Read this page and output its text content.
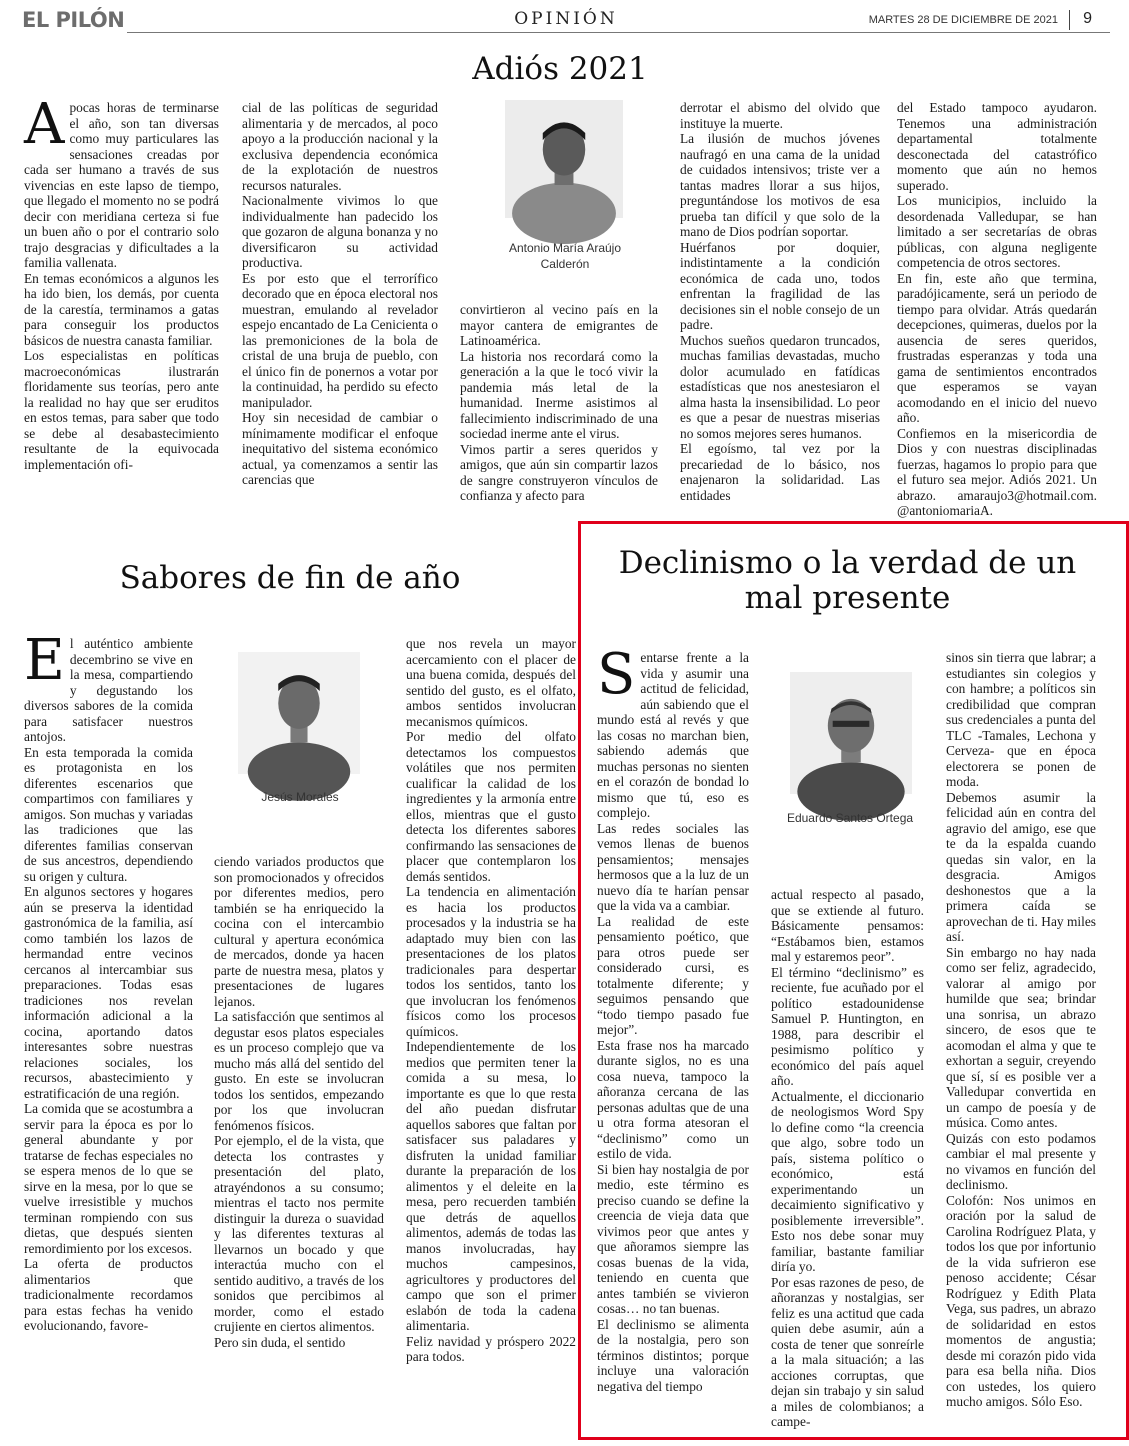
EL PILÓN	OPINIÓN	MARTES 28 DE DICIEMBRE DE 2021 9
Adiós 2021
A pocas horas de terminarse el año, son tan diversas como muy particulares las sensaciones creadas por cada ser humano a través de sus vivencias en este lapso de tiempo, que llegado el momento no se podrá decir con meridiana certeza si fue un buen año o por el contrario solo trajo desgracias y dificultades a la familia vallenata.
En temas económicos a algunos les ha ido bien, los demás, por cuenta de la carestía, terminamos a gatas para conseguir los productos básicos de nuestra canasta familiar.
Los especialistas en políticas macroeconómicas ilustrarán floridamente sus teorías, pero ante la realidad no hay que ser eruditos en estos temas, para saber que todo se debe al desabastecimiento resultante de la equivocada implementación ofi-
cial de las políticas de seguridad alimentaria y de mercados, al poco apoyo a la producción nacional y la exclusiva dependencia económica de la explotación de nuestros recursos naturales.
Nacionalmente vivimos lo que individualmente han padecido los que gozaron de alguna bonanza y no diversificaron su actividad productiva.
Es por esto que el terrorífico decorado que en época electoral nos muestran, emulando al revelador espejo encantado de La Cenicienta o las premoniciones de la bola de cristal de una bruja de pueblo, con el único fin de ponernos a votar por la continuidad, ha perdido su efecto manipulador.
Hoy sin necesidad de cambiar o mínimamente modificar el enfoque inequitativo del sistema económico actual, ya comenzamos a sentir las carencias que
Antonio María Araújo
Calderón
convirtieron al vecino país en la mayor cantera de emigrantes de Latinoamérica.
La historia nos recordará como la generación a la que le tocó vivir la pandemia más letal de la humanidad. Inerme asistimos al fallecimiento indiscriminado de una sociedad inerme ante el virus.
Vimos partir a seres queridos y amigos, que aún sin compartir lazos de sangre construyeron vínculos de confianza y afecto para
derrotar el abismo del olvido que instituye la muerte.
La ilusión de muchos jóvenes naufragó en una cama de la unidad de cuidados intensivos; triste ver a tantas madres llorar a sus hijos, preguntándose los motivos de esa prueba tan difícil y que solo de la mano de Dios podrían soportar.
Huérfanos por doquier, indistintamente a la condición económica de cada uno, todos enfrentan la fragilidad de las decisiones sin el noble consejo de un padre.
Muchos sueños quedaron truncados, muchas familias devastadas, mucho dolor acumulado en fatídicas estadísticas que nos anestesiaron el alma hasta la insensibilidad. Lo peor es que a pesar de nuestras miserias no somos mejores seres humanos.
El egoísmo, tal vez por la precariedad de lo básico, nos enajenaron la solidaridad. Las entidades
del Estado tampoco ayudaron. Tenemos una administración departamental totalmente desconectada del catastrófico momento que aún no hemos superado.
Los municipios, incluido la desordenada Valledupar, se han limitado a ser secretarías de obras públicas, con alguna negligente competencia de otros sectores.
En fin, este año que termina, paradójicamente, será un periodo de tiempo para olvidar. Atrás quedarán decepciones, quimeras, duelos por la ausencia de seres queridos, frustradas esperanzas y toda una gama de sentimientos encontrados que esperamos se vayan acomodando en el inicio del nuevo año.
Confiemos en la misericordia de Dios y con nuestras disciplinadas fuerzas, hagamos lo propio para que el futuro sea mejor. Adiós 2021. Un abrazo. amaraujo3@hotmail.com. @antoniomariaA.
Sabores de fin de año
E l auténtico ambiente decembrino se vive en la mesa, compartiendo y degustando los diversos sabores de la comida para satisfacer nuestros antojos.
En esta temporada la comida es protagonista en los diferentes escenarios que compartimos con familiares y amigos. Son muchas y variadas las tradiciones que las diferentes familias conservan de sus ancestros, dependiendo su origen y cultura.
En algunos sectores y hogares aún se preserva la identidad gastronómica de la familia, así como también los lazos de hermandad entre vecinos cercanos al intercambiar sus preparaciones. Todas esas tradiciones nos revelan información adicional a la cocina, aportando datos interesantes sobre nuestras relaciones sociales, los recursos, abastecimiento y estratificación de una región.
La comida que se acostumbra a servir para la época es por lo general abundante y por tratarse de fechas especiales no se espera menos de lo que se sirve en la mesa, por lo que se vuelve irresistible y muchos terminan rompiendo con sus dietas, que después sienten remordimiento por los excesos.
La oferta de productos alimentarios que tradicionalmente recordamos para estas fechas ha venido evolucionando, favore-
Jesús Morales
ciendo variados productos que son promocionados y ofrecidos por diferentes medios, pero también se ha enriquecido la cocina con el intercambio cultural y apertura económica de mercados, donde ya hacen parte de nuestra mesa, platos y presentaciones de lugares lejanos.
La satisfacción que sentimos al degustar esos platos especiales es un proceso complejo que va mucho más allá del sentido del gusto. En este se involucran todos los sentidos, empezando por los que involucran fenómenos físicos.
Por ejemplo, el de la vista, que detecta los contrastes y presentación del plato, atrayéndonos a su consumo; mientras el tacto nos permite distinguir la dureza o suavidad y las diferentes texturas al llevarnos un bocado y que interactúa mucho con el sentido auditivo, a través de los sonidos que percibimos al morder, como el estado crujiente en ciertos alimentos.
Pero sin duda, el sentido
que nos revela un mayor acercamiento con el placer de una buena comida, después del sentido del gusto, es el olfato, ambos sentidos involucran mecanismos químicos.
Por medio del olfato detectamos los compuestos volátiles que nos permiten cualificar la calidad de los ingredientes y la armonía entre ellos, mientras que el gusto detecta los diferentes sabores confirmando las sensaciones de placer que contemplaron los demás sentidos.
La tendencia en alimentación es hacia los productos procesados y la industria se ha adaptado muy bien con las presentaciones de los platos tradicionales para despertar todos los sentidos, tanto los que involucran los fenómenos físicos como los procesos químicos.
Independientemente de los medios que permiten tener la comida a su mesa, lo importante es que lo que resta del año puedan disfrutar aquellos sabores que faltan por satisfacer sus paladares y disfruten la unidad familiar durante la preparación de los alimentos y el deleite en la mesa, pero recuerden también que detrás de aquellos alimentos, además de todas las manos involucradas, hay muchos campesinos, agricultores y productores del campo que son el primer eslabón de toda la cadena alimentaria.
Feliz navidad y próspero 2022 para todos.
Declinismo o la verdad de un mal presente
S entarse frente a la vida y asumir una actitud de felicidad, aún sabiendo que el mundo está al revés y que las cosas no marchan bien, sabiendo además que muchas personas no sienten en el corazón de bondad lo mismo que tú, eso es complejo.
Las redes sociales las vemos llenas de buenos pensamientos; mensajes hermosos que a la luz de un nuevo día te harían pensar que la vida va a cambiar.
La realidad de este pensamiento poético, que para otros puede ser considerado cursi, es totalmente diferente; y seguimos pensando que “todo tiempo pasado fue mejor”.
Esta frase nos ha marcado durante siglos, no es una cosa nueva, tampoco la añoranza cercana de las personas adultas que de una u otra forma atesoran el “declinismo” como un estilo de vida.
Si bien hay nostalgia de por medio, este término es preciso cuando se define la creencia de vieja data que vivimos peor que antes y que añoramos siempre las cosas buenas de la vida, teniendo en cuenta que antes también se vivieron cosas… no tan buenas.
El declinismo se alimenta de la nostalgia, pero son términos distintos; porque incluye una valoración negativa del tiempo
Eduardo Santos Ortega
actual respecto al pasado, que se extiende al futuro. Básicamente pensamos: “Estábamos bien, estamos mal y estaremos peor”.
El término “declinismo” es reciente, fue acuñado por el político estadounidense Samuel P. Huntington, en 1988, para describir el pesimismo político y económico del país aquel año.
Actualmente, el diccionario de neologismos Word Spy lo define como “la creencia que algo, sobre todo un país, sistema político o económico, está experimentando un decaimiento significativo y posiblemente irreversible”. Esto nos debe sonar muy familiar, bastante familiar diría yo.
Por esas razones de peso, de añoranzas y nostalgias, ser feliz es una actitud que cada quien debe asumir, aún a costa de tener que sonreírle a la mala situación; a las acciones corruptas, que dejan sin trabajo y sin salud a miles de colombianos; a campe-
sinos sin tierra que labrar; a estudiantes sin colegios y con hambre; a políticos sin credibilidad que compran sus credenciales a punta del TLC -Tamales, Lechona y Cerveza- que en época electorera se ponen de moda.
Debemos asumir la felicidad aún en contra del agravio del amigo, ese que te da la espalda cuando quedas sin valor, en la desgracia. Amigos deshonestos que a la primera caída se aprovechan de ti. Hay miles así.
Sin embargo no hay nada como ser feliz, agradecido, valorar al amigo por humilde que sea; brindar una sonrisa, un abrazo sincero, de esos que te acomodan el alma y que te exhortan a seguir, creyendo que sí, sí es posible ver a Valledupar convertida en un campo de poesía y de música. Como antes.
Quizás con esto podamos cambiar el mal presente y no vivamos en función del declinismo.
Colofón: Nos unimos en oración por la salud de Carolina Rodríguez Plata, y todos los que por infortunio de la vida sufrieron ese penoso accidente; César Rodríguez y Edith Plata Vega, sus padres, un abrazo de solidaridad en estos momentos de angustia; desde mi corazón pido vida para esa bella niña. Dios con ustedes, los quiero mucho amigos. Sólo Eso.
